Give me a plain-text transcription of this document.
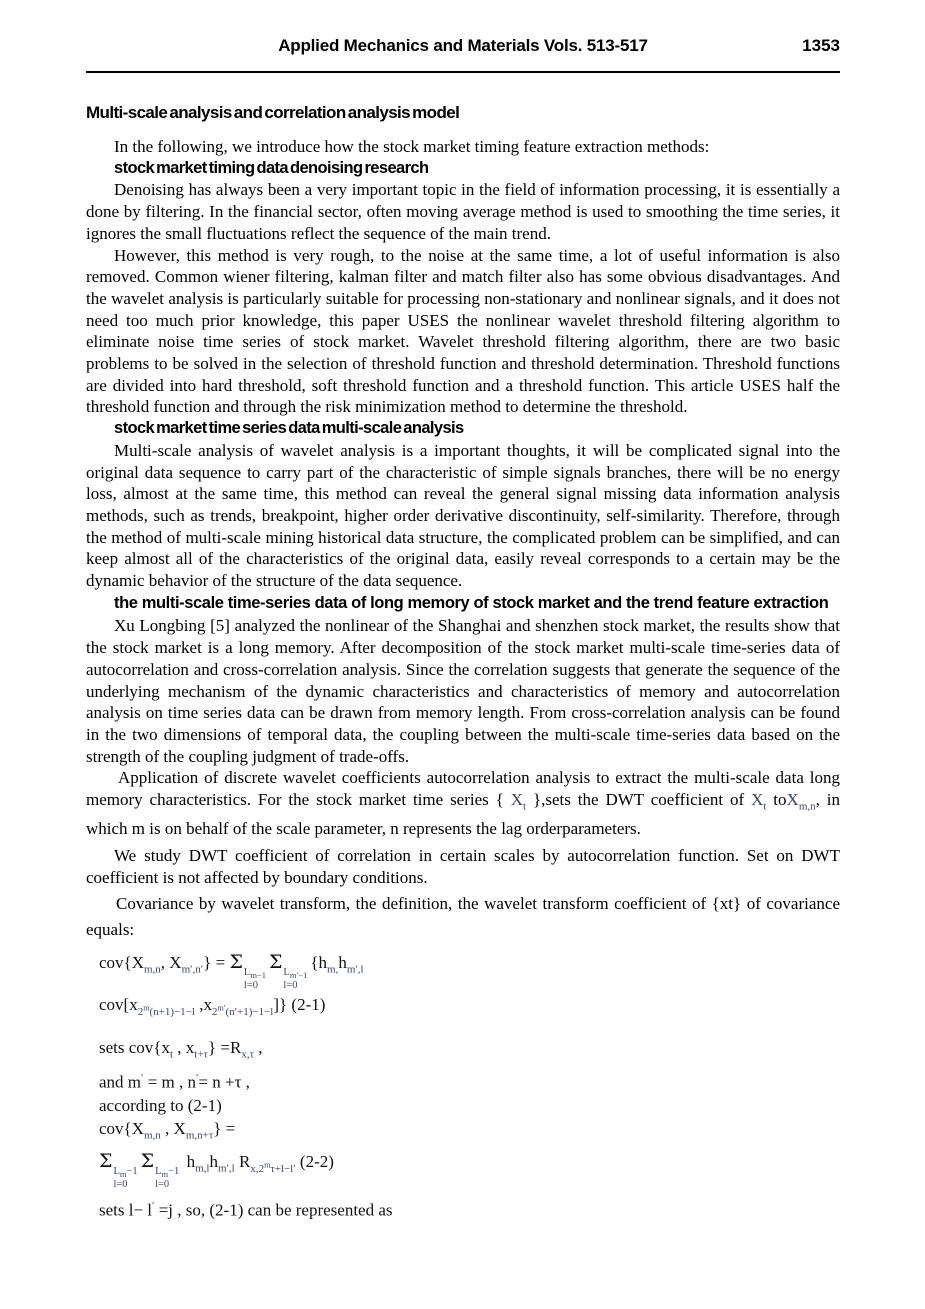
Applied Mechanics and Materials Vols. 513-517	1353
Multi-scale analysis and correlation analysis model

In the following, we introduce how the stock market timing feature extraction methods:

stock market timing data denoising research

Denoising has always been a very important topic in the field of information processing, it is essentially a done by filtering. In the financial sector, often moving average method is used to smoothing the time series, it ignores the small fluctuations reflect the sequence of the main trend.

However, this method is very rough, to the noise at the same time, a lot of useful information is also removed. Common wiener filtering, kalman filter and match filter also has some obvious disadvantages. And the wavelet analysis is particularly suitable for processing non-stationary and nonlinear signals, and it does not need too much prior knowledge, this paper USES the nonlinear wavelet threshold filtering algorithm to eliminate noise time series of stock market. Wavelet threshold filtering algorithm, there are two basic problems to be solved in the selection of threshold function and threshold determination. Threshold functions are divided into hard threshold, soft threshold function and a threshold function. This article USES half the threshold function and through the risk minimization method to determine the threshold.

stock market time series data multi-scale analysis

Multi-scale analysis of wavelet analysis is a important thoughts, it will be complicated signal into the original data sequence to carry part of the characteristic of simple signals branches, there will be no energy loss, almost at the same time, this method can reveal the general signal missing data information analysis methods, such as trends, breakpoint, higher order derivative discontinuity, self-similarity. Therefore, through the method of multi-scale mining historical data structure, the complicated problem can be simplified, and can keep almost all of the characteristics of the original data, easily reveal corresponds to a certain may be the dynamic behavior of the structure of the data sequence.

the multi-scale time-series data of long memory of stock market and the trend feature extraction

Xu Longbing [5] analyzed the nonlinear of the Shanghai and shenzhen stock market, the results show that the stock market is a long memory. After decomposition of the stock market multi-scale time-series data of autocorrelation and cross-correlation analysis. Since the correlation suggests that generate the sequence of the underlying mechanism of the dynamic characteristics and characteristics of memory and autocorrelation analysis on time series data can be drawn from memory length. From cross-correlation analysis can be found in the two dimensions of temporal data, the coupling between the multi-scale time-series data based on the strength of the coupling judgment of trade-offs.

Application of discrete wavelet coefficients autocorrelation analysis to extract the multi-scale data long memory characteristics. For the stock market time series { $X_t$ },sets the DWT coefficient of $X_t$ toX$_{m,n}$, in which m is on behalf of the scale parameter, n represents the lag orderparameters.

We study DWT coefficient of correlation in certain scales by autocorrelation function. Set on DWT coefficient is not affected by boundary conditions.

Covariance by wavelet transform, the definition, the wavelet transform coefficient of {xt} of covariance equals:

$cov\{X_{m,n}$, $X_{m',n'}\} = \Sigma$ $L_{m-1}$
l=0
Σ $L_{m'-1}$
l=0
{$h_{m,}h_{m',l}$
$cov[x_{2^m(n+1)-1-l}$ $,x_{2^{m'}(n'+1)-1-l}$]} (2-1)
sets $cov\{x_t$ , $x_{t+\tau}\} =R_{x,\tau}$ ,
and m′ = m , n′= n +τ ,
according to (2-1)
$cov\{X_{m,n}$ , $X_{m,n+\tau}$} =
Σ $L_m-1$
l=0
Σ $L_m-1$
l=0
$h_{m,l}h_{m',l}$ $R_{x,2^m\tau+l-l'}$ (2-2)
sets l− l′ =j , so, (2-1) can be represented as
